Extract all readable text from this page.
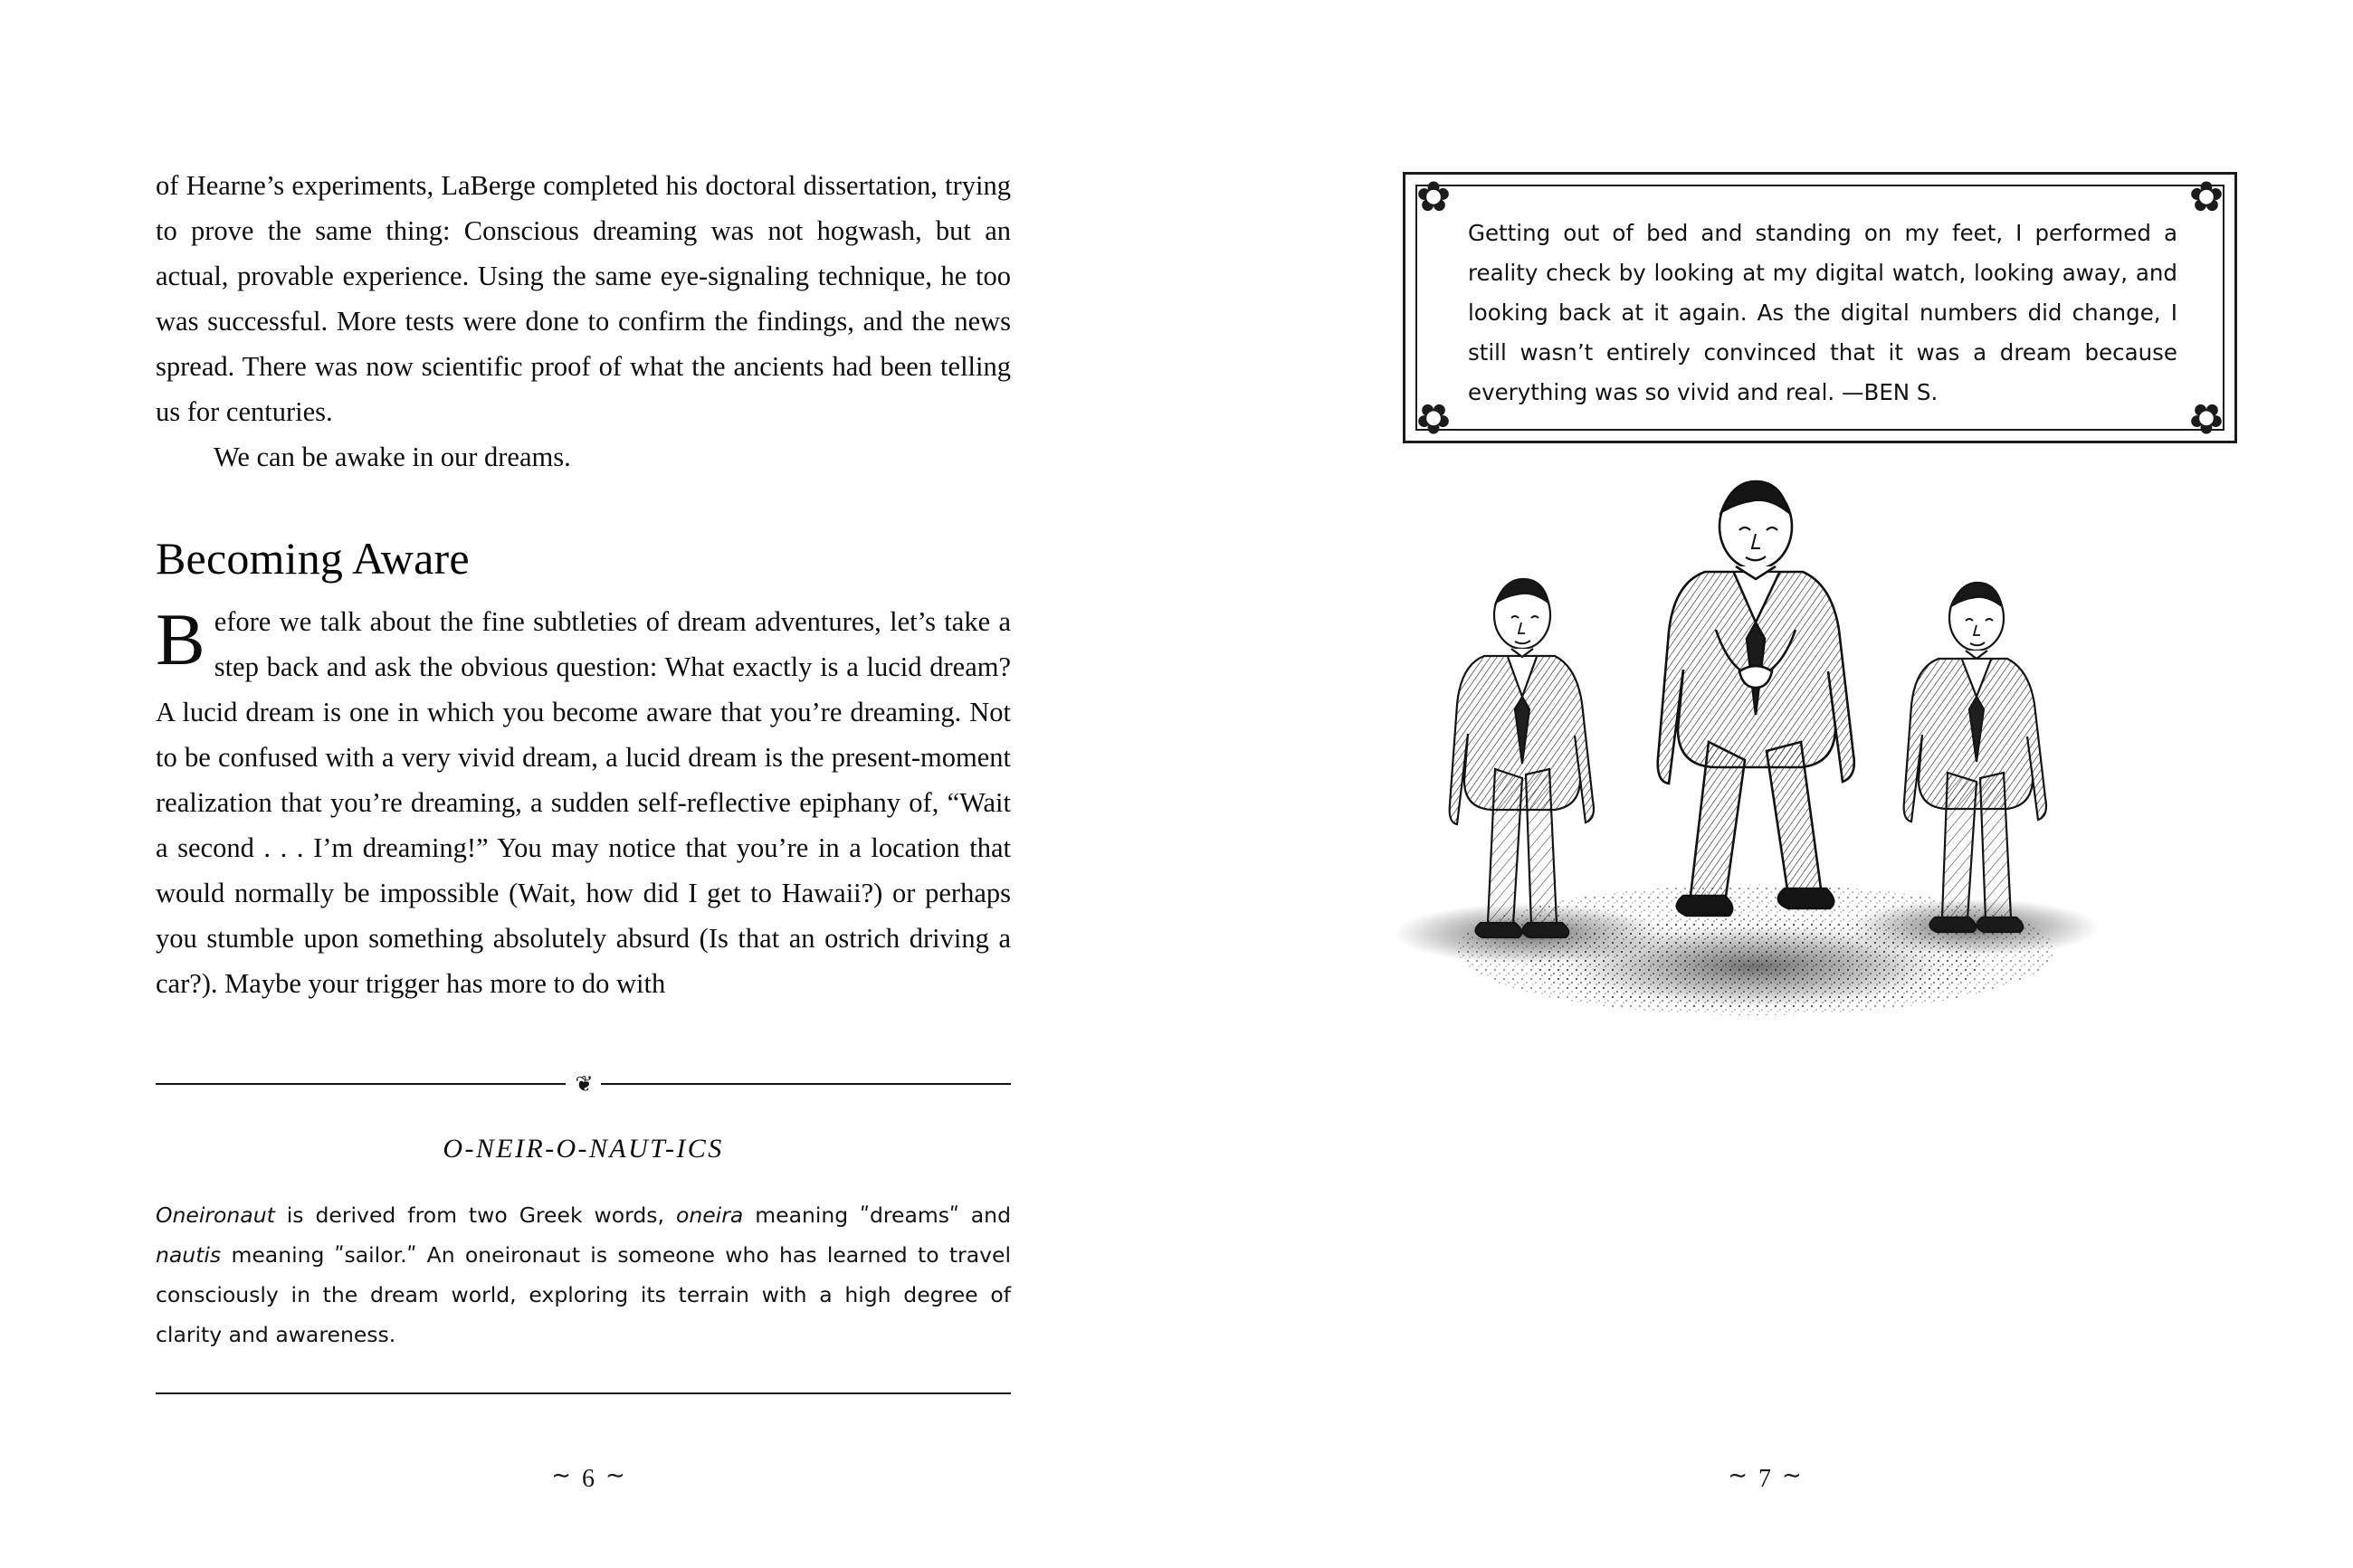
of Hearne’s experiments, LaBerge completed his doctoral dissertation, trying to prove the same thing: Conscious dreaming was not hogwash, but an actual, provable experience. Using the same eye-signaling technique, he too was successful. More tests were done to confirm the findings, and the news spread. There was now scientific proof of what the ancients had been telling us for centuries.

We can be awake in our dreams.

Becoming Aware
Before we talk about the fine subtleties of dream adventures, let’s take a step back and ask the obvious question: What exactly is a lucid dream? A lucid dream is one in which you become aware that you’re dreaming. Not to be confused with a very vivid dream, a lucid dream is the present-moment realization that you’re dreaming, a sudden self-reflective epiphany of, “Wait a second . . . I’m dreaming!” You may notice that you’re in a location that would normally be impossible (Wait, how did I get to Hawaii?) or perhaps you stumble upon something absolutely absurd (Is that an ostrich driving a car?). Maybe your trigger has more to do with
❦
O-NEIR-O-NAUT-ICS
Oneironaut is derived from two Greek words, oneira meaning ʺdreamsʺ and nautis meaning ʺsailor.ʺ An oneironaut is someone who has learned to travel consciously in the dream world, exploring its terrain with a high degree of clarity and awareness.
∼ 6 ∼
✿	✿
✿	✿
Getting out of bed and standing on my feet, I performed a reality check by looking at my digital watch, looking away, and looking back at it again. As the digital numbers did change, I still wasn’t entirely convinced that it was a dream because everything was so vivid and real. —BEN S.
∼ 7 ∼
